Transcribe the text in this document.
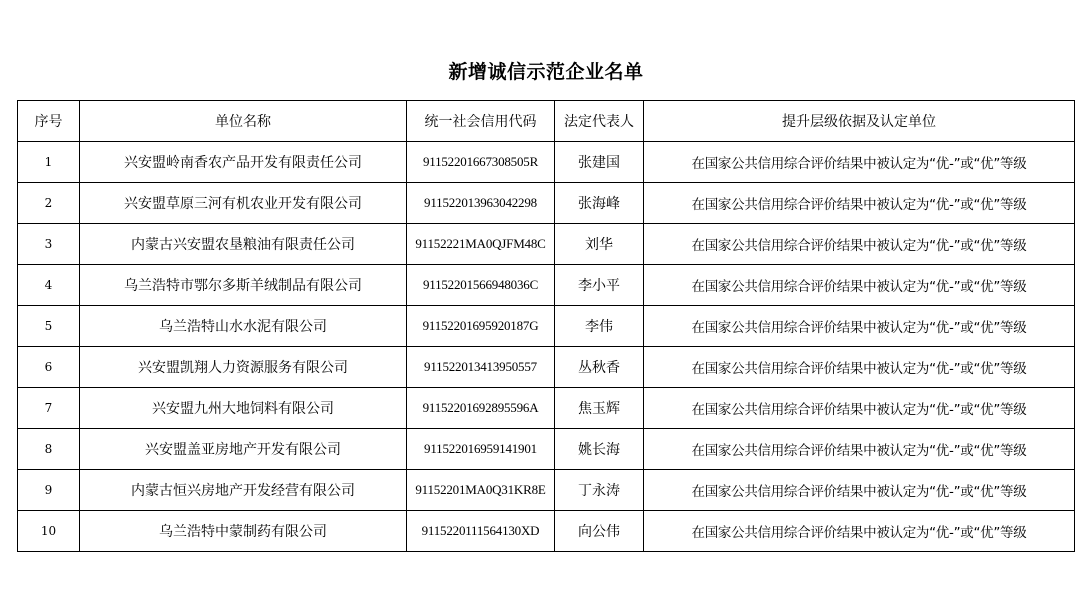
新增诚信示范企业名单
序号	单位名称	统一社会信用代码	法定代表人	提升层级依据及认定单位
1	兴安盟岭南香农产品开发有限责任公司	91152201667308505R	张建国	在国家公共信用综合评价结果中被认定为“优-”或“优”等级
2	兴安盟草原三河有机农业开发有限公司	91152201396304229​8	张海峰	在国家公共信用综合评价结果中被认定为“优-”或“优”等级
3	内蒙古兴安盟农垦粮油有限责任公司	91152221MA0QJFM48C	刘华	在国家公共信用综合评价结果中被认定为“优-”或“优”等级
4	乌兰浩特市鄂尔多斯羊绒制品有限公司	91152201566948036C	李小平	在国家公共信用综合评价结果中被认定为“优-”或“优”等级
5	乌兰浩特山水水泥有限公司	91152201695920187G	李伟	在国家公共信用综合评价结果中被认定为“优-”或“优”等级
6	兴安盟凯翔人力资源服务有限公司	911522013413950557	丛秋香	在国家公共信用综合评价结果中被认定为“优-”或“优”等级
7	兴安盟九州大地饲料有限公司	91152201692895596A	焦玉辉	在国家公共信用综合评价结果中被认定为“优-”或“优”等级
8	兴安盟盖亚房地产开发有限公司	911522016959141901	姚长海	在国家公共信用综合评价结果中被认定为“优-”或“优”等级
9	内蒙古恒兴房地产开发经营有限公司	91152201MA0Q31KR8E	丁永涛	在国家公共信用综合评价结果中被认定为“优-”或“优”等级
10	乌兰浩特中蒙制药有限公司	91152201115641​30XD	向公伟	在国家公共信用综合评价结果中被认定为“优-”或“优”等级
